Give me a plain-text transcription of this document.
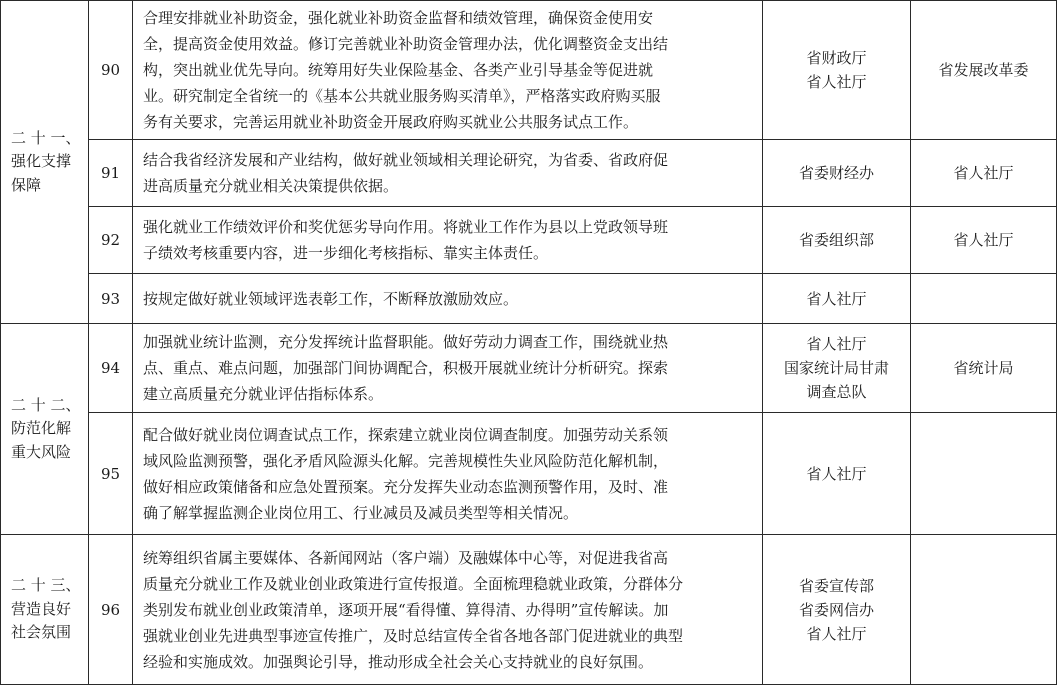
二 十 一、
强化支撑
保障	90	合理安排就业补助资金，强化就业补助资金监督和绩效管理，确保资金使用安
全，提高资金使用效益。修订完善就业补助资金管理办法，优化调整资金支出结
构，突出就业优先导向。统筹用好失业保险基金、各类产业引导基金等促进就
业。研究制定全省统一的《基本公共就业服务购买清单》，严格落实政府购买服
务有关要求，完善运用就业补助资金开展政府购买就业公共服务试点工作。	省财政厅
省人社厅	省发展改革委
	91	结合我省经济发展和产业结构，做好就业领域相关理论研究，为省委、省政府促
进高质量充分就业相关决策提供依据。	省委财经办	省人社厅
	92	强化就业工作绩效评价和奖优惩劣导向作用。将就业工作作为县以上党政领导班
子绩效考核重要内容，进一步细化考核指标、靠实主体责任。	省委组织部	省人社厅
	93	按规定做好就业领域评选表彰工作，不断释放激励效应。	省人社厅	

二 十 二、
防范化解
重大风险	94	加强就业统计监测，充分发挥统计监督职能。做好劳动力调查工作，围绕就业热
点、重点、难点问题，加强部门间协调配合，积极开展就业统计分析研究。探索
建立高质量充分就业评估指标体系。	省人社厅
国家统计局甘肃
调查总队	省统计局
	95	配合做好就业岗位调查试点工作，探索建立就业岗位调查制度。加强劳动关系领
域风险监测预警，强化矛盾风险源头化解。完善规模性失业风险防范化解机制，
做好相应政策储备和应急处置预案。充分发挥失业动态监测预警作用，及时、准
确了解掌握监测企业岗位用工、行业减员及减员类型等相关情况。	省人社厅	

二 十 三、
营造良好
社会氛围	96	统筹组织省属主要媒体、各新闻网站（客户端）及融媒体中心等，对促进我省高
质量充分就业工作及就业创业政策进行宣传报道。全面梳理稳就业政策，分群体分
类别发布就业创业政策清单，逐项开展“看得懂、算得清、办得明”宣传解读。加
强就业创业先进典型事迹宣传推广，及时总结宣传全省各地各部门促进就业的典型
经验和实施成效。加强舆论引导，推动形成全社会关心支持就业的良好氛围。	省委宣传部
省委网信办
省人社厅	
